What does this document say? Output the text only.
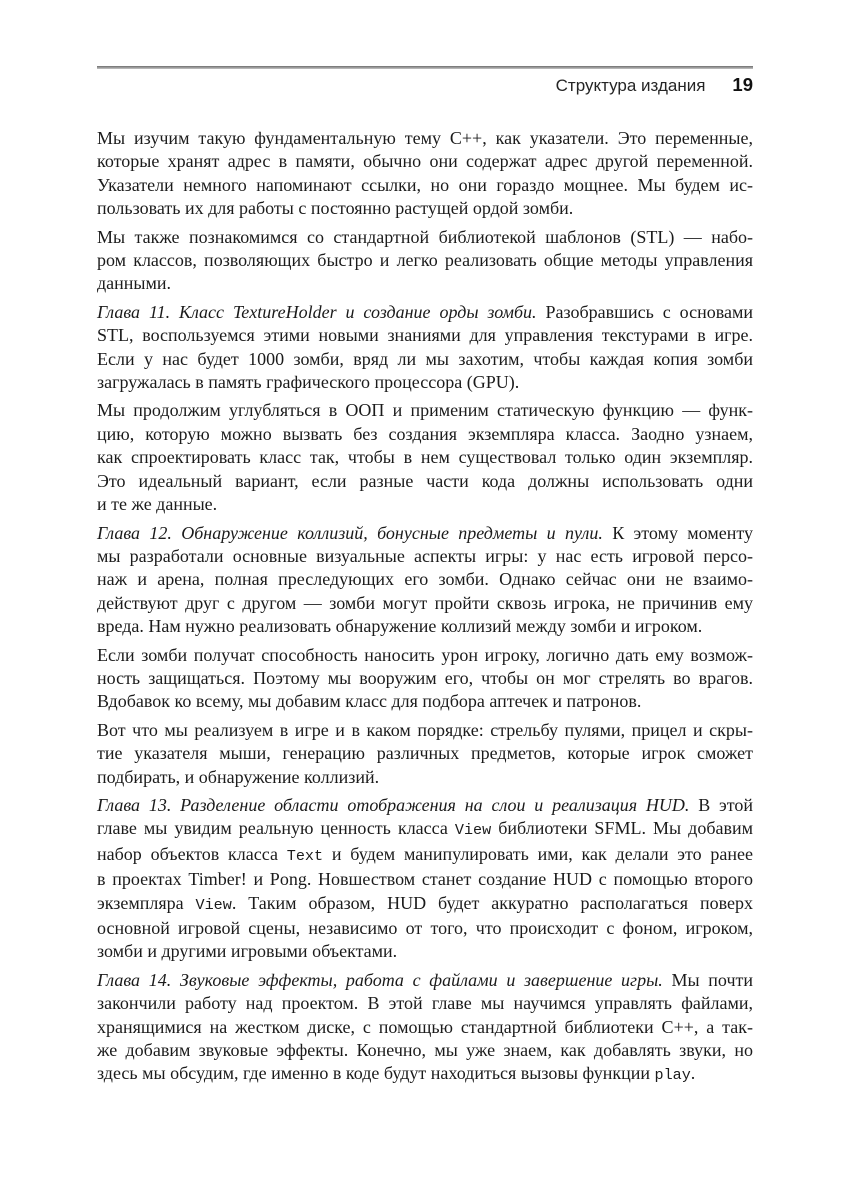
Структура издания 19
Мы изучим такую фундаментальную тему C++, как указатели. Это переменные,
которые хранят адрес в памяти, обычно они содержат адрес другой переменной.
Указатели немного напоминают ссылки, но они гораздо мощнее. Мы будем ис-
пользовать их для работы с постоянно растущей ордой зомби.
Мы также познакомимся со стандартной библиотекой шаблонов (STL) — набо-
ром классов, позволяющих быстро и легко реализовать общие методы управления
данными.
Глава 11. Класс TextureHolder и создание орды зомби. Разобравшись с основами
STL, воспользуемся этими новыми знаниями для управления текстурами в игре.
Если у нас будет 1000 зомби, вряд ли мы захотим, чтобы каждая копия зомби
загружалась в память графического процессора (GPU).
Мы продолжим углубляться в ООП и применим статическую функцию — функ-
цию, которую можно вызвать без создания экземпляра класса. Заодно узнаем,
как спроектировать класс так, чтобы в нем существовал только один экземпляр.
Это идеальный вариант, если разные части кода должны использовать одни
и те же данные.
Глава 12. Обнаружение коллизий, бонусные предметы и пули. К этому моменту
мы разработали основные визуальные аспекты игры: у нас есть игровой персо-
наж и арена, полная преследующих его зомби. Однако сейчас они не взаимо-
действуют друг с другом — зомби могут пройти сквозь игрока, не причинив ему
вреда. Нам нужно реализовать обнаружение коллизий между зомби и игроком.
Если зомби получат способность наносить урон игроку, логично дать ему возмож-
ность защищаться. Поэтому мы вооружим его, чтобы он мог стрелять во врагов.
Вдобавок ко всему, мы добавим класс для подбора аптечек и патронов.
Вот что мы реализуем в игре и в каком порядке: стрельбу пулями, прицел и скры-
тие указателя мыши, генерацию различных предметов, которые игрок сможет
подбирать, и обнаружение коллизий.
Глава 13. Разделение области отображения на слои и реализация HUD. В этой
главе мы увидим реальную ценность класса View библиотеки SFML. Мы добавим
набор объектов класса Text и будем манипулировать ими, как делали это ранее
в проектах Timber! и Pong. Новшеством станет создание HUD с помощью второго
экземпляра View. Таким образом, HUD будет аккуратно располагаться поверх
основной игровой сцены, независимо от того, что происходит с фоном, игроком,
зомби и другими игровыми объектами.
Глава 14. Звуковые эффекты, работа с файлами и завершение игры. Мы почти
закончили работу над проектом. В этой главе мы научимся управлять файлами,
хранящимися на жестком диске, с помощью стандартной библиотеки C++, а так-
же добавим звуковые эффекты. Конечно, мы уже знаем, как добавлять звуки, но
здесь мы обсудим, где именно в коде будут находиться вызовы функции play.
